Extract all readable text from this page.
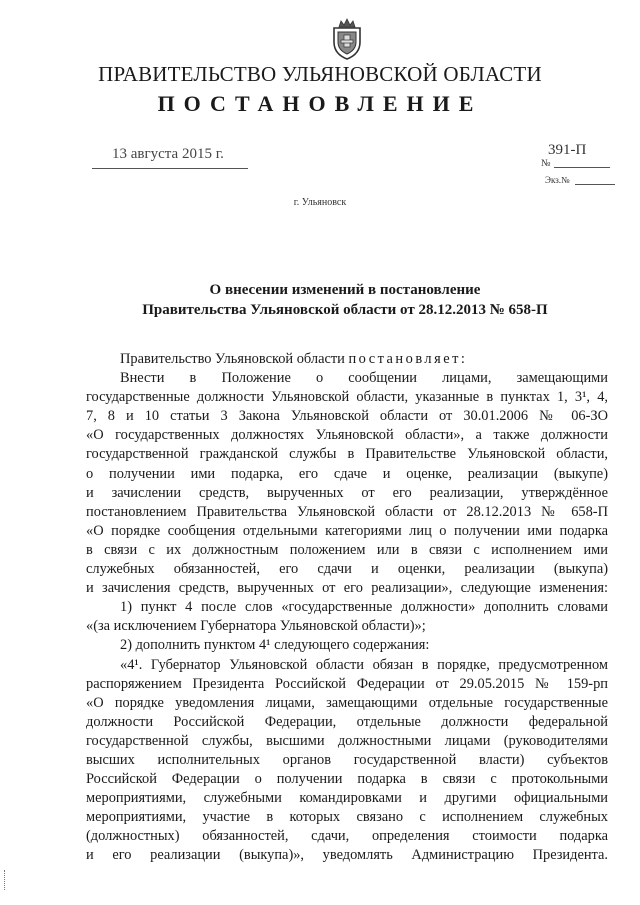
ПРАВИТЕЛЬСТВО УЛЬЯНОВСКОЙ ОБЛАСТИ
ПОСТАНОВЛЕНИЕ
13 августа 2015 г.	391-П
№
Экз.№
г. Ульяновск
О внесении изменений в постановление
Правительства Ульяновской области от 28.12.2013 № 658-П
Правительство Ульяновской области постановляет:
Внести в Положение о сообщении лицами, замещающими
государственные должности Ульяновской области, указанные в пунктах 1, 3¹, 4,
7, 8 и 10 статьи 3 Закона Ульяновской области от 30.01.2006 № 06-ЗО
«О государственных должностях Ульяновской области», а также должности
государственной гражданской службы в Правительстве Ульяновской области,
о получении ими подарка, его сдаче и оценке, реализации (выкупе)
и зачислении средств, вырученных от его реализации, утверждённое
постановлением Правительства Ульяновской области от 28.12.2013 № 658-П
«О порядке сообщения отдельными категориями лиц о получении ими подарка
в связи с их должностным положением или в связи с исполнением ими
служебных обязанностей, его сдачи и оценки, реализации (выкупа)
и зачисления средств, вырученных от его реализации», следующие изменения:
1) пункт 4 после слов «государственные должности» дополнить словами
«(за исключением Губернатора Ульяновской области)»;
2) дополнить пунктом 4¹ следующего содержания:
«4¹. Губернатор Ульяновской области обязан в порядке, предусмотренном
распоряжением Президента Российской Федерации от 29.05.2015 № 159-рп
«О порядке уведомления лицами, замещающими отдельные государственные
должности Российской Федерации, отдельные должности федеральной
государственной службы, высшими должностными лицами (руководителями
высших исполнительных органов государственной власти) субъектов
Российской Федерации о получении подарка в связи с протокольными
мероприятиями, служебными командировками и другими официальными
мероприятиями, участие в которых связано с исполнением служебных
(должностных) обязанностей, сдачи, определения стоимости подарка
и его реализации (выкупа)», уведомлять Администрацию Президента.
